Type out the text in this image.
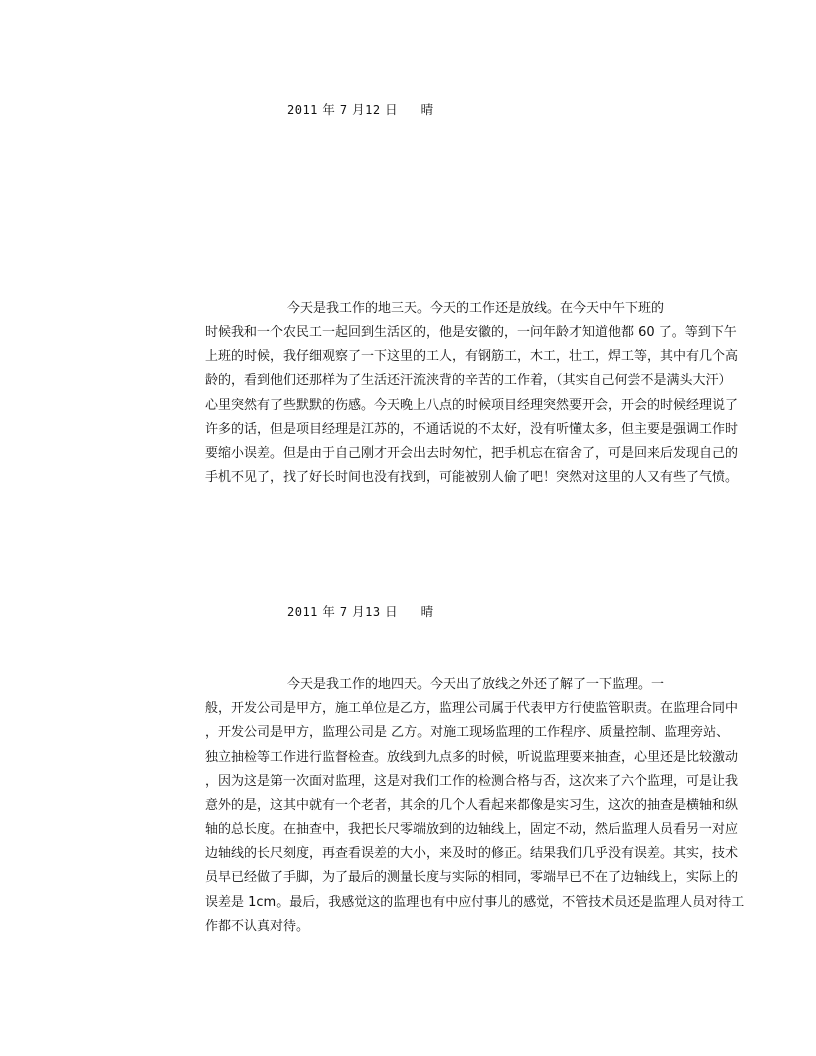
2011 年 7 月12 日 晴
今天是我工作的地三天。今天的工作还是放线。在今天中午下班的
时候我和一个农民工一起回到生活区的，他是安徽的，一问年龄才知道他都 60 了。等到下午
上班的时候，我仔细观察了一下这里的工人，有钢筋工，木工，壮工，焊工等，其中有几个高
龄的，看到他们还那样为了生活还汗流浃背的辛苦的工作着，（其实自己何尝不是满头大汗）
心里突然有了些默默的伤感。今天晚上八点的时候项目经理突然要开会，开会的时候经理说了
许多的话，但是项目经理是江苏的，不通话说的不太好，没有听懂太多，但主要是强调工作时
要缩小误差。但是由于自己刚才开会出去时匆忙，把手机忘在宿舍了，可是回来后发现自己的
手机不见了，找了好长时间也没有找到，可能被别人偷了吧！突然对这里的人又有些了气愤。
2011 年 7 月13 日 晴
今天是我工作的地四天。今天出了放线之外还了解了一下监理。一
般，开发公司是甲方，施工单位是乙方，监理公司属于代表甲方行使监管职责。在监理合同中
，开发公司是甲方，监理公司是 乙方。对施工现场监理的工作程序、质量控制、监理旁站、
独立抽检等工作进行监督检查。放线到九点多的时候，听说监理要来抽查，心里还是比较激动
，因为这是第一次面对监理，这是对我们工作的检测合格与否，这次来了六个监理，可是让我
意外的是，这其中就有一个老者，其余的几个人看起来都像是实习生，这次的抽查是横轴和纵
轴的总长度。在抽查中，我把长尺零端放到的边轴线上，固定不动，然后监理人员看另一对应
边轴线的长尺刻度，再查看误差的大小，来及时的修正。结果我们几乎没有误差。其实，技术
员早已经做了手脚，为了最后的测量长度与实际的相同，零端早已不在了边轴线上，实际上的
误差是 1cm。最后，我感觉这的监理也有中应付事儿的感觉，不管技术员还是监理人员对待工
作都不认真对待。
